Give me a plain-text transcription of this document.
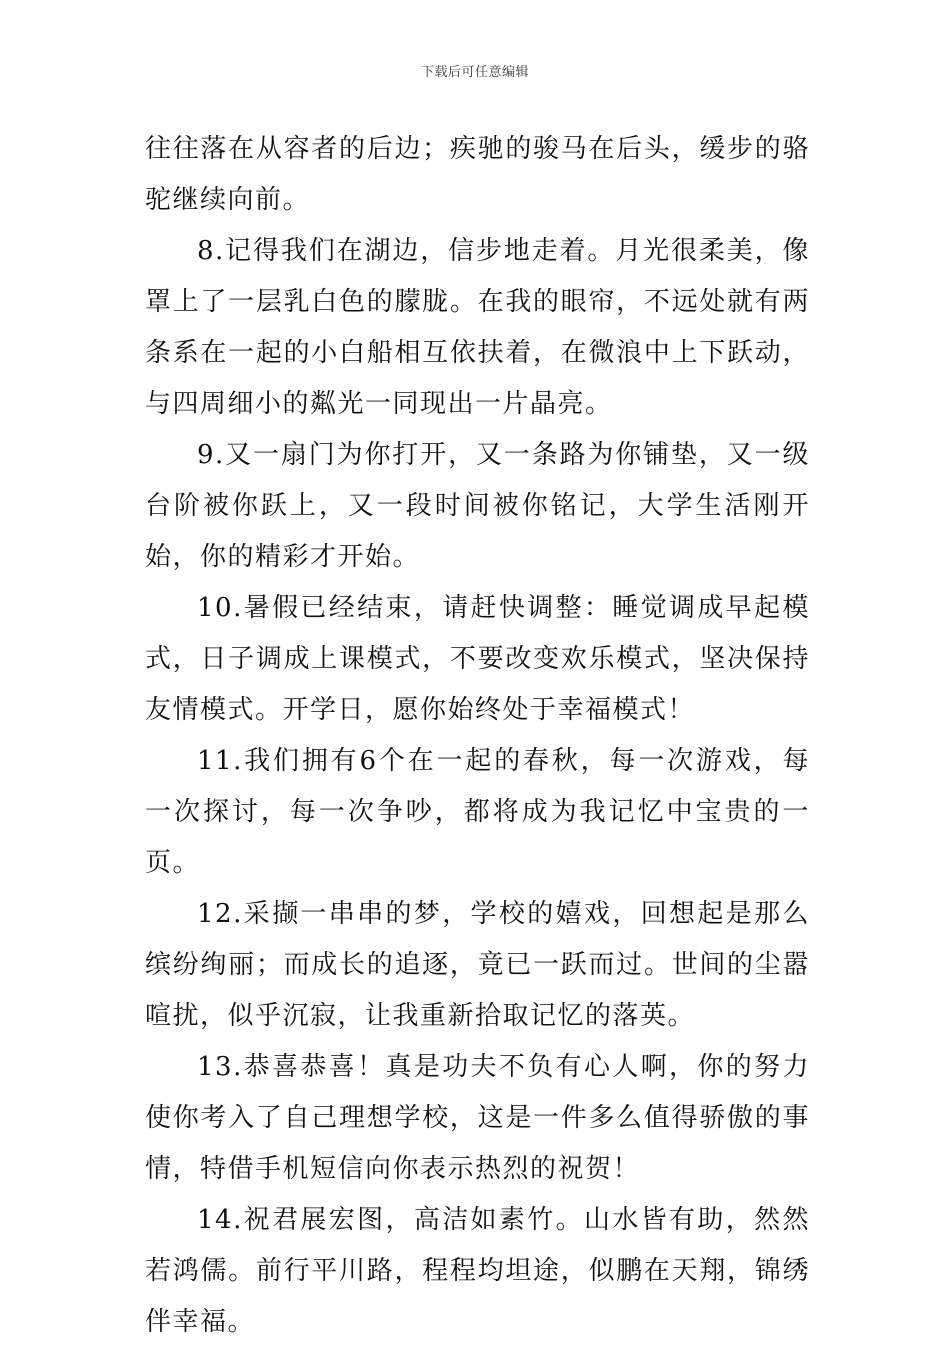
下载后可任意编辑

往往落在从容者的后边；疾驰的骏马在后头，缓步的骆驼继续向前。

8.记得我们在湖边，信步地走着。月光很柔美，像罩上了一层乳白色的朦胧。在我的眼帘，不远处就有两条系在一起的小白船相互依扶着，在微浪中上下跃动，与四周细小的粼光一同现出一片晶亮。

9.又一扇门为你打开，又一条路为你铺垫，又一级台阶被你跃上，又一段时间被你铭记，大学生活刚开始，你的精彩才开始。

10.暑假已经结束，请赶快调整：睡觉调成早起模式，日子调成上课模式，不要改变欢乐模式，坚决保持友情模式。开学日，愿你始终处于幸福模式！

11.我们拥有6个在一起的春秋，每一次游戏，每一次探讨，每一次争吵，都将成为我记忆中宝贵的一页。

12.采撷一串串的梦，学校的嬉戏，回想起是那么缤纷绚丽；而成长的追逐，竟已一跃而过。世间的尘嚣喧扰，似乎沉寂，让我重新拾取记忆的落英。

13.恭喜恭喜！真是功夫不负有心人啊，你的努力使你考入了自己理想学校，这是一件多么值得骄傲的事情，特借手机短信向你表示热烈的祝贺！

14.祝君展宏图，高洁如素竹。山水皆有助，然然若鸿儒。前行平川路，程程均坦途，似鹏在天翔，锦绣伴幸福。
